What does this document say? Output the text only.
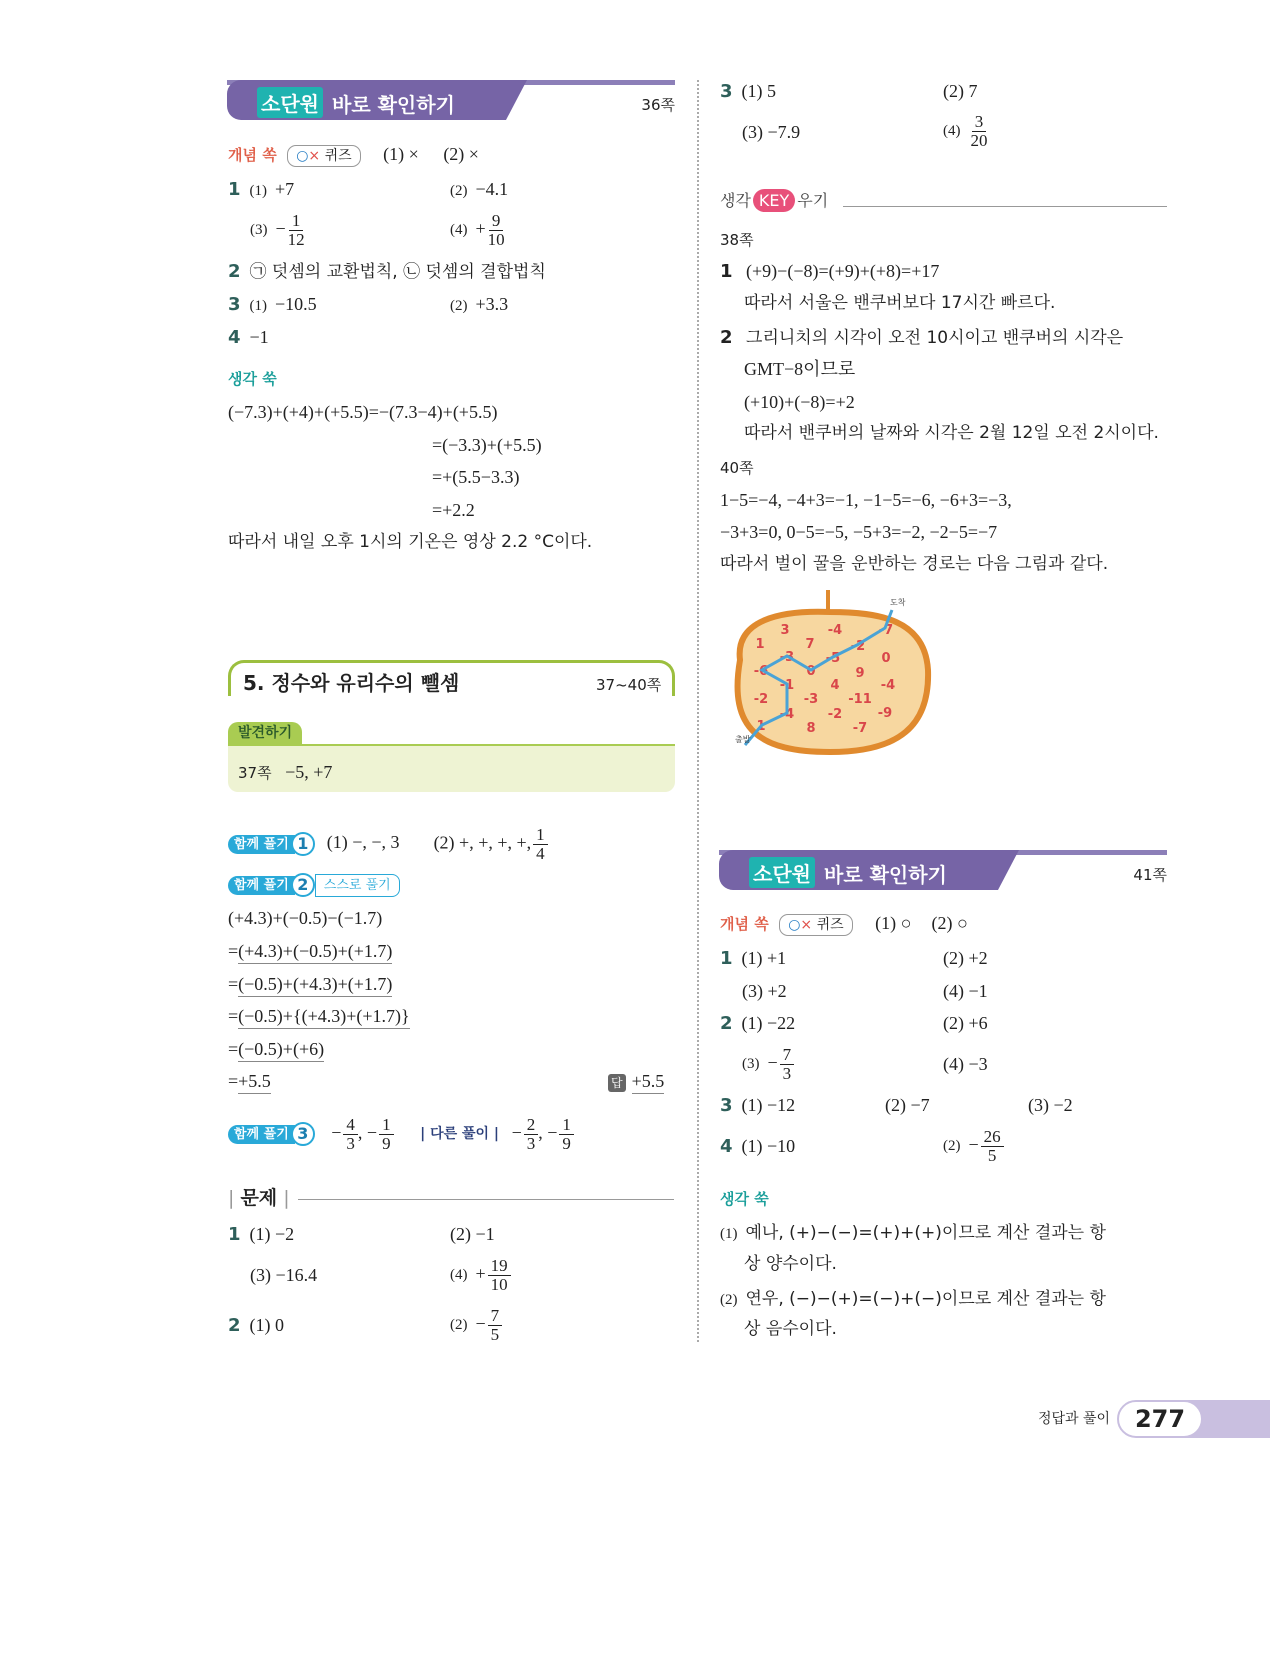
소단원 바로 확인하기	36쪽
개념 쏙 ○× 퀴즈 (1) × (2) ×
1 (1) +7	(2) −4.1
$(3) - \frac{1}{12}$	$(4) + \frac{9}{10}$
2 ㉠ 덧셈의 교환법칙, ㉡ 덧셈의 결합법칙
3 (1) −10.5	(2) +3.3
4 −1
생각 쑥
(−7.3)+(+4)+(+5.5)=−(7.3−4)+(+5.5)
=(−3.3)+(+5.5)
=+(5.5−3.3)
=+2.2
따라서 내일 오후 1시의 기온은 영상 2.2 °C이다.
5. 정수와 유리수의 뺄셈	37~40쪽
발견하기
37쪽 −5, +7
함께 풀기 1 (1) −, −, 3 (2) +, +, +, +, $\frac{1}{4}$
함께 풀기 2 스스로 풀기
(+4.3)+(−0.5)−(−1.7)
=(+4.3)+(−0.5)+(+1.7)
=(−0.5)+(+4.3)+(+1.7)
=(−0.5)+{(+4.3)+(+1.7)}
=(−0.5)+(+6)
=+5.5	답 +5.5
함께 풀기 $3 - \frac{4}{3}$ , − $\frac{1}{9}$ | 다른 풀이 | − $\frac{2}{3}$ , − $\frac{1}{9}$
| 문제 |
1 (1) −2	(2) −1
(3) −16.4	$(4) + \frac{19}{10}$
2 (1) 0	$(2) - \frac{7}{5}$
3 (1) 5	(2) 7
(3) −7.9	$(4) \frac{3}{20}$
생각 KEY 우기
38쪽
1 (+9)−(−8)=(+9)+(+8)=+17
따라서 서울은 밴쿠버보다 17시간 빠르다.
2 그리니치의 시각이 오전 10시이고 밴쿠버의 시각은
GMT−8이므로
(+10)+(−8)=+2
따라서 밴쿠버의 날짜와 시각은 2월 12일 오전 2시이다.
40쪽
1−5=−4, −4+3=−1, −1−5=−6, −6+3=−3,
−3+3=0, 0−5=−5, −5+3=−2, −2−5=−7
따라서 벌이 꿀을 운반하는 경로는 다음 그림과 같다.
3	-4	-7
1	7	-2
-3 -5	0
-6	0	9
-1	4	-4
-2	-3 -11
-4	-2	-9
1	8	-7
출발
도착
소단원 바로 확인하기	41쪽
개념 쏙 ○× 퀴즈 (1) ○ (2) ○
1 (1) +1	(2) +2
(3) +2	(4) −1
2 (1) −22	(2) +6
$(3) - \frac{7}{3}$	(4) −3
3 (1) −12	(2) −7	(3) −2
4 (1) −10	$(2) - \frac{26}{5}$
생각 쑥
(1) 예나, (+)−(−)=(+)+(+)이므로 계산 결과는 항
상 양수이다.
(2) 연우, (−)−(+)=(−)+(−)이므로 계산 결과는 항
상 음수이다.
정답과 풀이	277
